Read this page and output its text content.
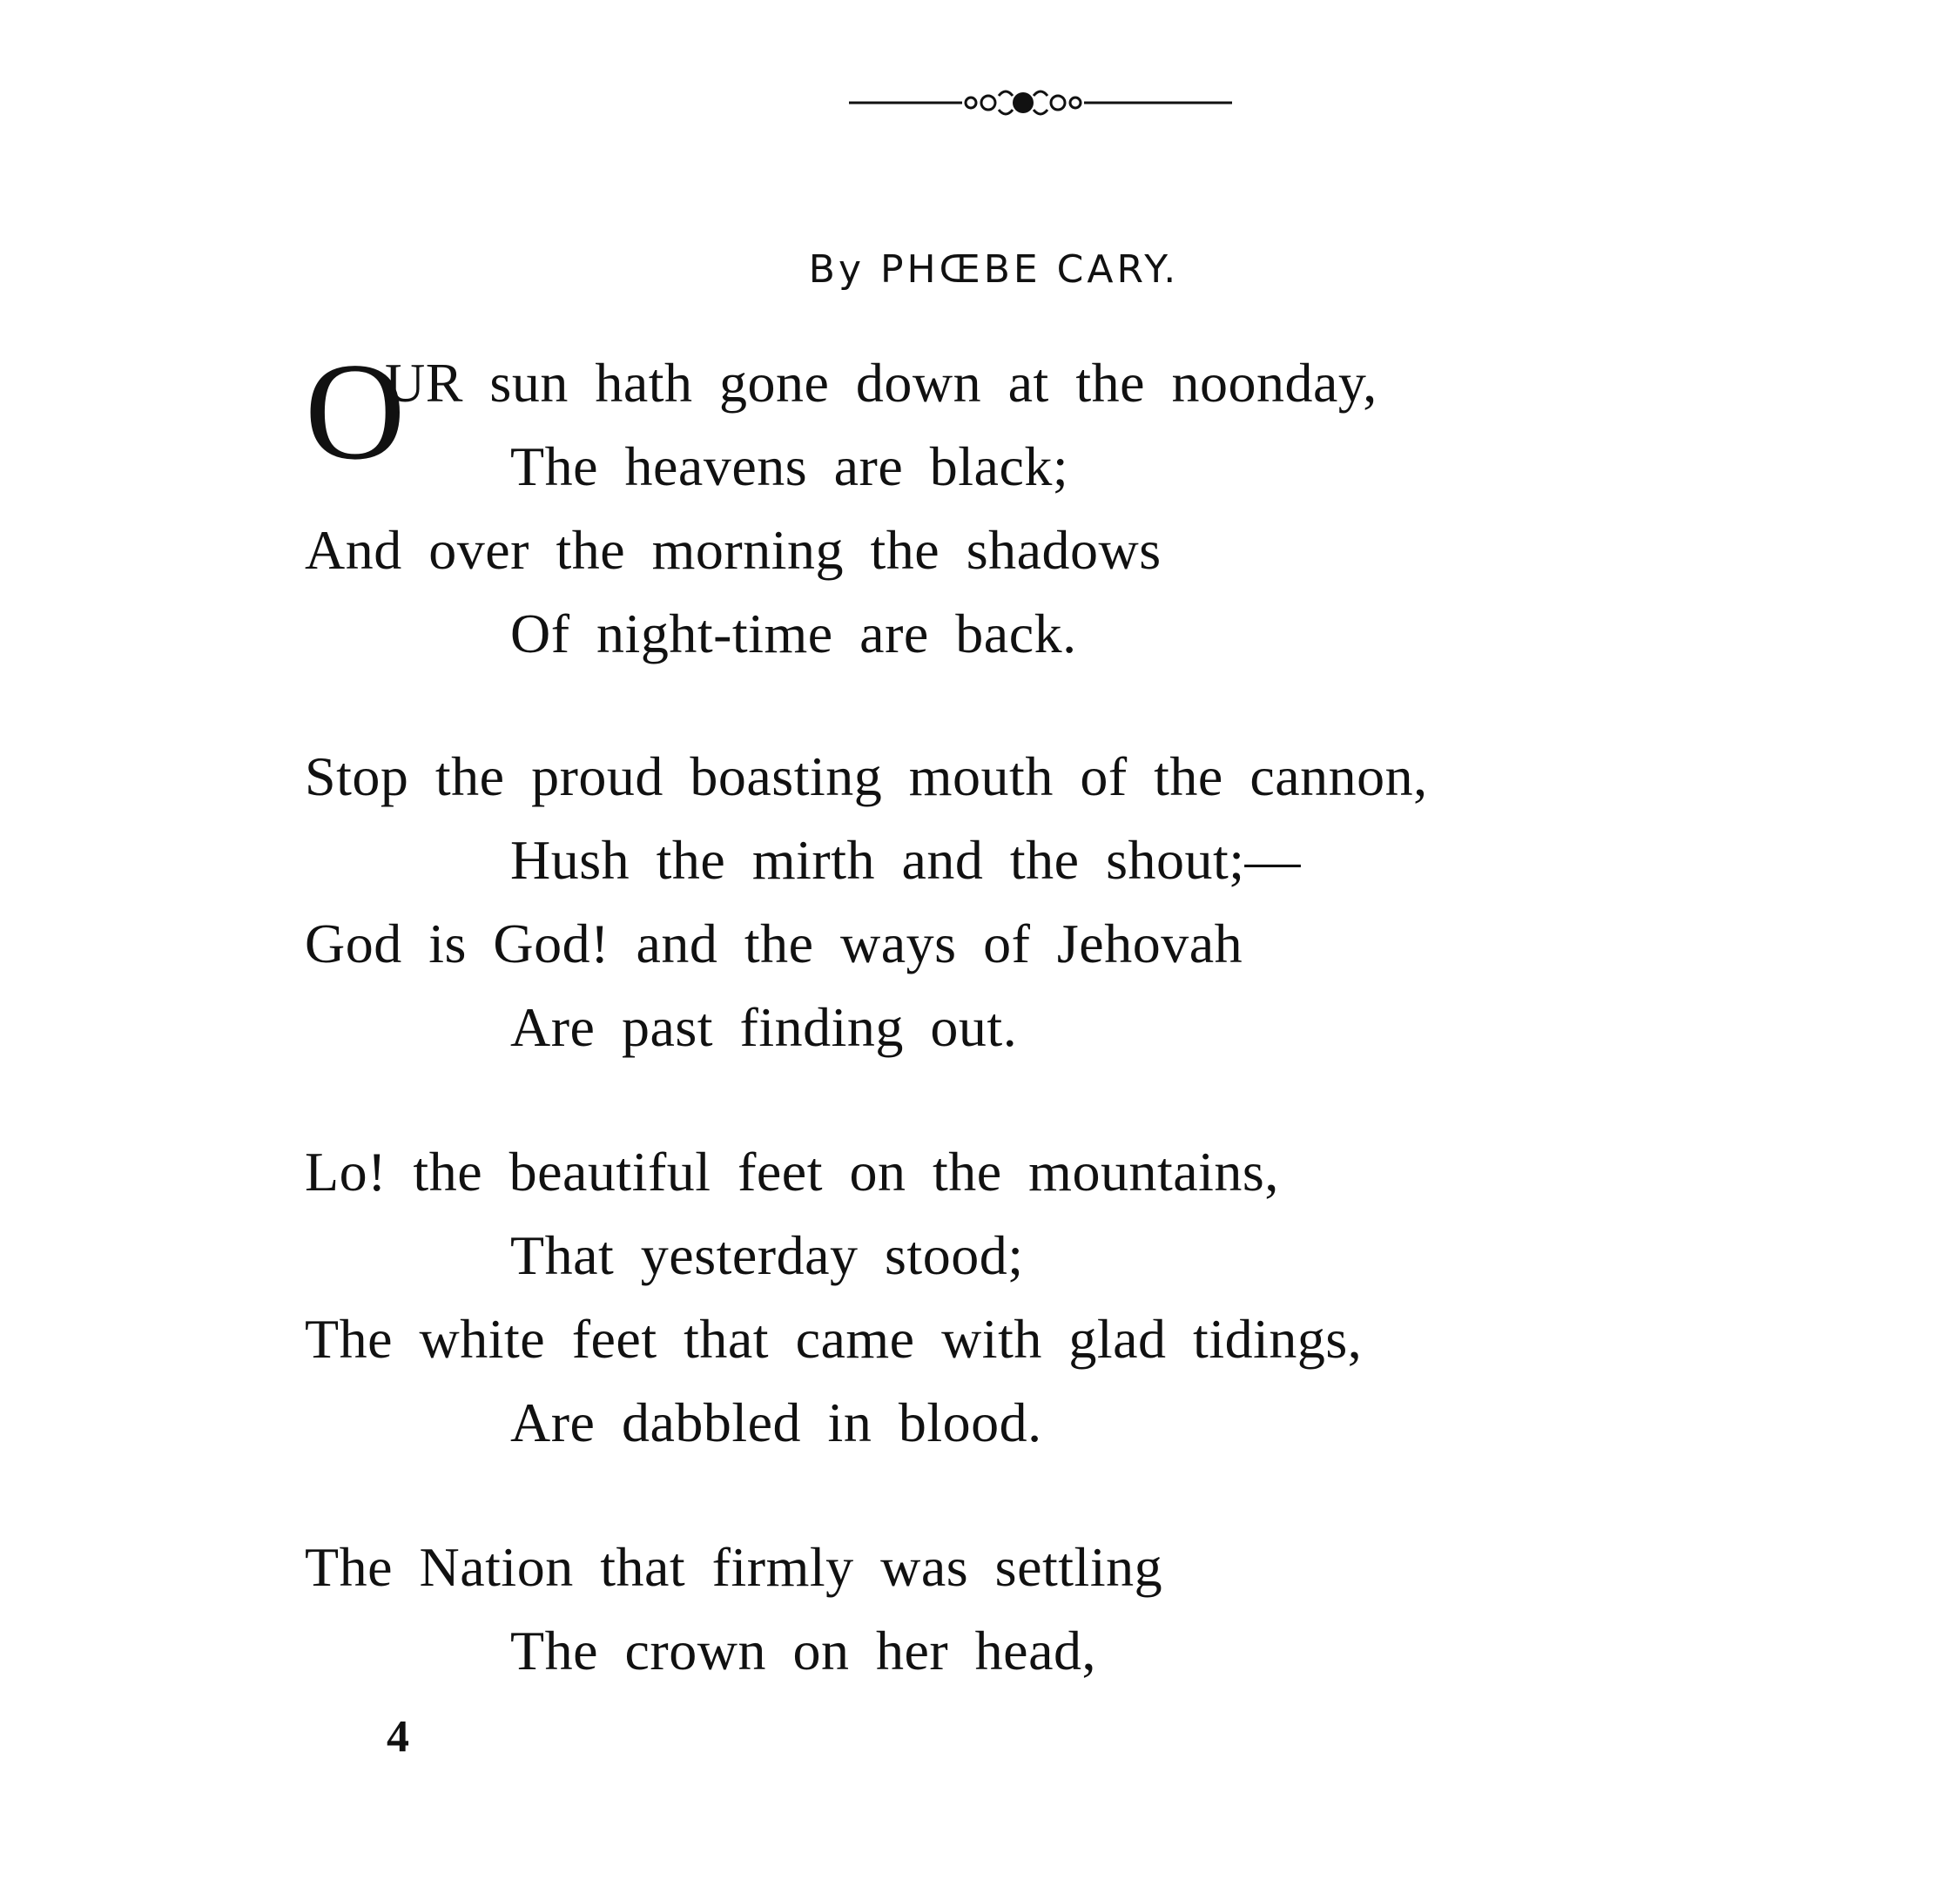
By PHŒBE CARY.
O
UR sun hath gone down at the noonday,
The heavens are black;
And over the morning the shadows
Of night-time are back.
Stop the proud boasting mouth of the cannon,
Hush the mirth and the shout;—
God is God! and the ways of Jehovah
Are past finding out.
Lo! the beautiful feet on the mountains,
That yesterday stood;
The white feet that came with glad tidings,
Are dabbled in blood.
The Nation that firmly was settling
The crown on her head,
4
